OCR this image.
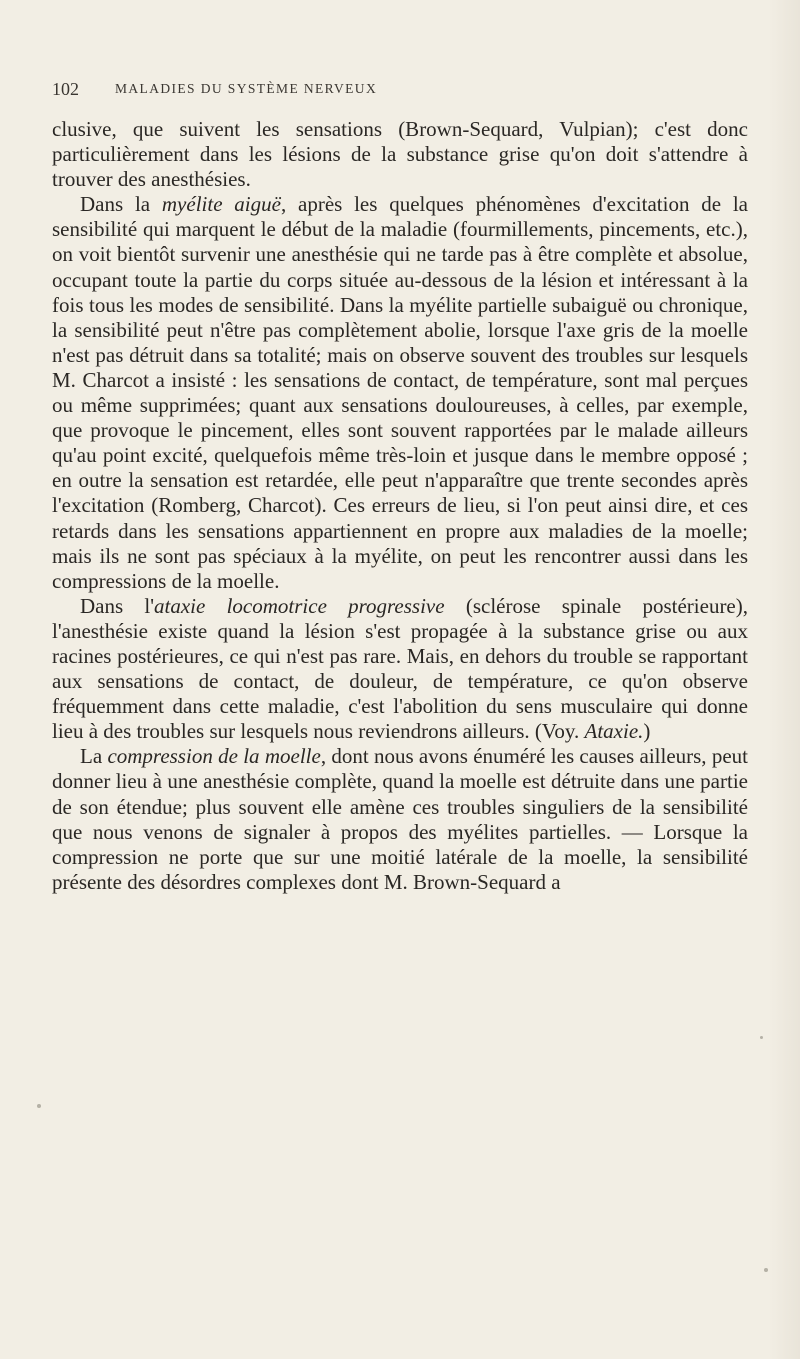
102	MALADIES DU SYSTÈME NERVEUX

clusive, que suivent les sensations (Brown-Sequard, Vulpian); c'est donc particulièrement dans les lésions de la substance grise qu'on doit s'attendre à trouver des anesthésies.

Dans la myélite aiguë, après les quelques phénomènes d'excitation de la sensibilité qui marquent le début de la maladie (fourmillements, pincements, etc.), on voit bientôt survenir une anesthésie qui ne tarde pas à être complète et absolue, occupant toute la partie du corps située au-dessous de la lésion et intéressant à la fois tous les modes de sensibilité. Dans la myélite partielle subaiguë ou chronique, la sensibilité peut n'être pas complètement abolie, lorsque l'axe gris de la moelle n'est pas détruit dans sa totalité; mais on observe souvent des troubles sur lesquels M. Charcot a insisté : les sensations de contact, de température, sont mal perçues ou même supprimées; quant aux sensations douloureuses, à celles, par exemple, que provoque le pincement, elles sont souvent rapportées par le malade ailleurs qu'au point excité, quelquefois même très-loin et jusque dans le membre opposé ; en outre la sensation est retardée, elle peut n'apparaître que trente secondes après l'excitation (Romberg, Charcot). Ces erreurs de lieu, si l'on peut ainsi dire, et ces retards dans les sensations appartiennent en propre aux maladies de la moelle; mais ils ne sont pas spéciaux à la myélite, on peut les rencontrer aussi dans les compressions de la moelle.

Dans l'ataxie locomotrice progressive (sclérose spinale postérieure), l'anesthésie existe quand la lésion s'est propagée à la substance grise ou aux racines postérieures, ce qui n'est pas rare. Mais, en dehors du trouble se rapportant aux sensations de contact, de douleur, de température, ce qu'on observe fréquemment dans cette maladie, c'est l'abolition du sens musculaire qui donne lieu à des troubles sur lesquels nous reviendrons ailleurs. (Voy. Ataxie.)

La compression de la moelle, dont nous avons énuméré les causes ailleurs, peut donner lieu à une anesthésie complète, quand la moelle est détruite dans une partie de son étendue; plus souvent elle amène ces troubles singuliers de la sensibilité que nous venons de signaler à propos des myélites partielles. — Lorsque la compression ne porte que sur une moitié latérale de la moelle, la sensibilité présente des désordres complexes dont M. Brown-Sequard a
